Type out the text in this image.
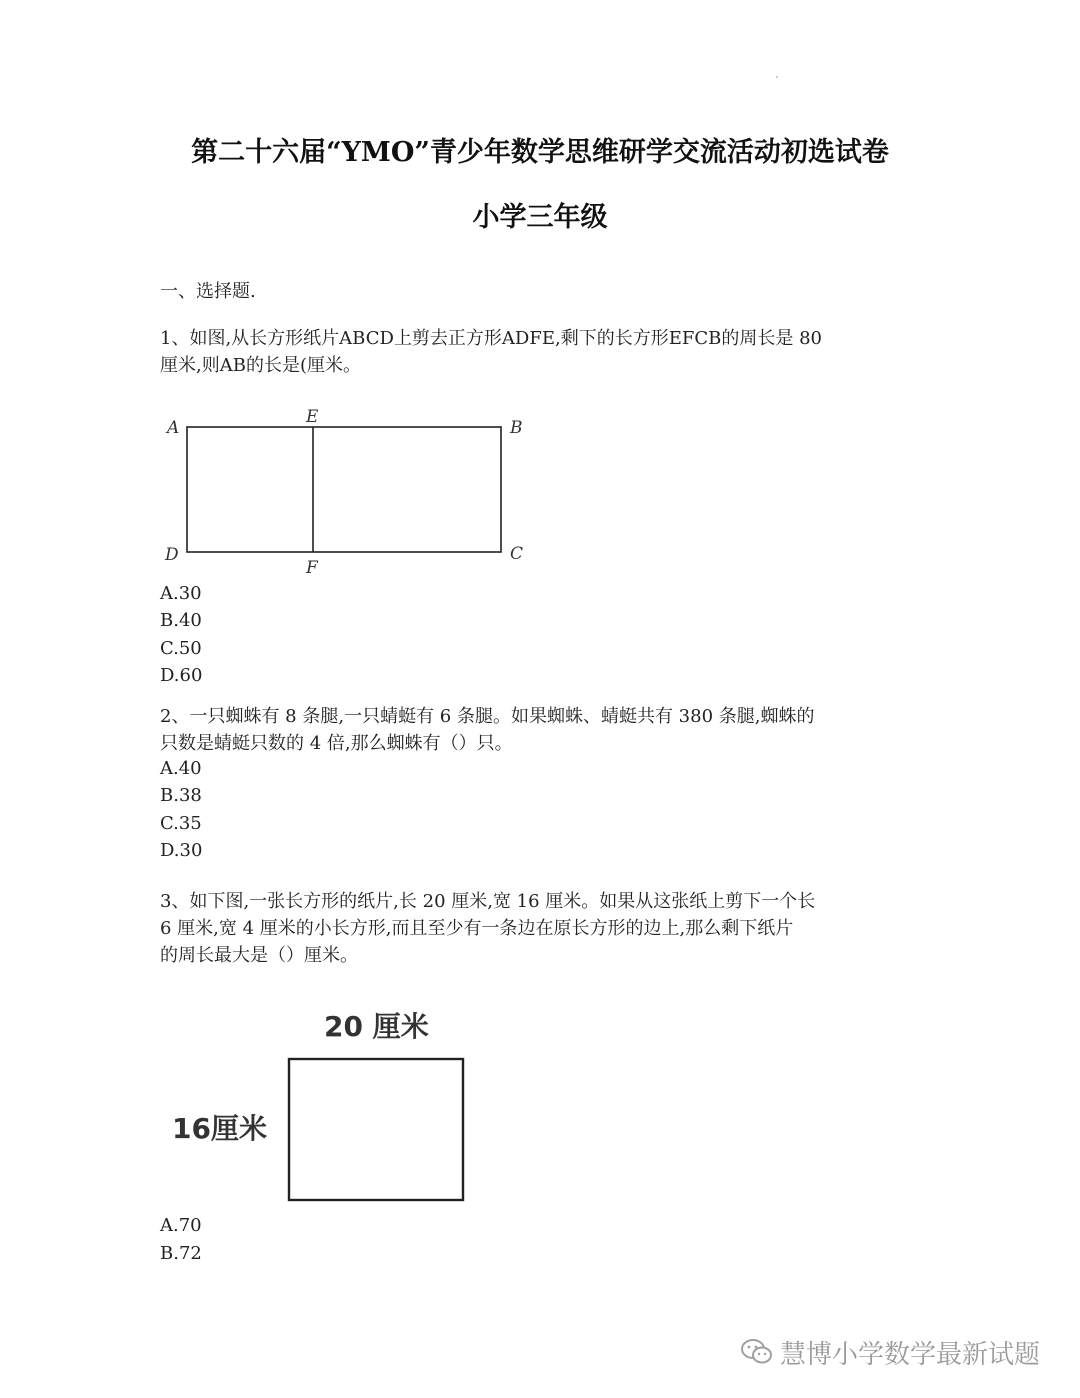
第二十六届“YMO”青少年数学思维研学交流活动初选试卷
小学三年级
一、选择题.
1、如图,从长方形纸片ABCD上剪去正方形ADFE,剩下的长方形EFCB的周长是 80
厘米,则AB的长是(厘米。
A
E
B
D
F
C
A.30
B.40
C.50
D.60
2、一只蜘蛛有 8 条腿,一只蜻蜓有 6 条腿。如果蜘蛛、蜻蜓共有 380 条腿,蜘蛛的
只数是蜻蜓只数的 4 倍,那么蜘蛛有（）只。
A.40
B.38
C.35
D.30
3、如下图,一张长方形的纸片,长 20 厘米,宽 16 厘米。如果从这张纸上剪下一个长
6 厘米,宽 4 厘米的小长方形,而且至少有一条边在原长方形的边上,那么剩下纸片
的周长最大是（）厘米。
20 厘米
16厘米
A.70
B.72
慧博小学数学最新试题
